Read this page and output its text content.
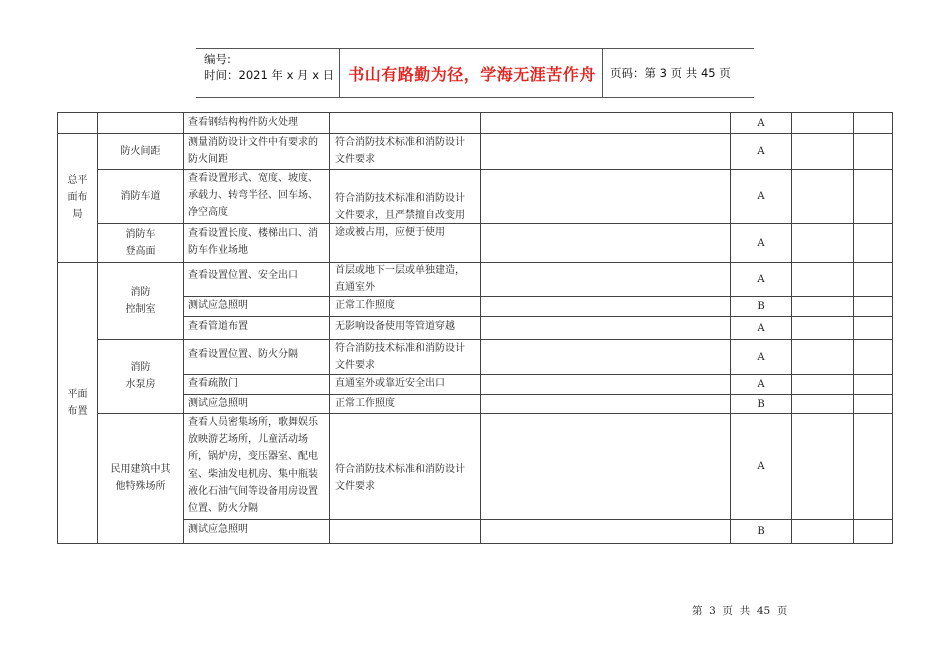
编号:
时间：2021 年 x 月 x 日 书山有路勤为径，学海无涯苦作舟	页码：第 3 页 共 45 页
总平
面布
局
平面
布置
防火间距
消防车道
消防车
登高面
消防
控制室
消防
水泵房
民用建筑中其
他特殊场所
查看钢结构构件防火处理
测量消防设计文件中有要求的
防火间距
查看设置形式、宽度、坡度、
承载力、转弯半径、回车场、
净空高度
查看设置长度、楼梯出口、消
防车作业场地
查看设置位置、安全出口
测试应急照明
查看管道布置
查看设置位置、防火分隔
查看疏散门
测试应急照明
查看人员密集场所，歌舞娱乐
放映游艺场所，儿童活动场
所，锅炉房，变压器室、配电
室、柴油发电机房、集中瓶装
液化石油气间等设备用房设置
位置、防火分隔
测试应急照明
符合消防技术标准和消防设计
文件要求
符合消防技术标准和消防设计
文件要求，且严禁擅自改变用
途或被占用，应便于使用
首层或地下一层或单独建造，
直通室外
正常工作照度
无影响设备使用等管道穿越
符合消防技术标准和消防设计
文件要求
直通室外或靠近安全出口
正常工作照度
符合消防技术标准和消防设计
文件要求
A
A
A
A
A
B
A
A
A
B
A
B
第  3  页  共  45  页
